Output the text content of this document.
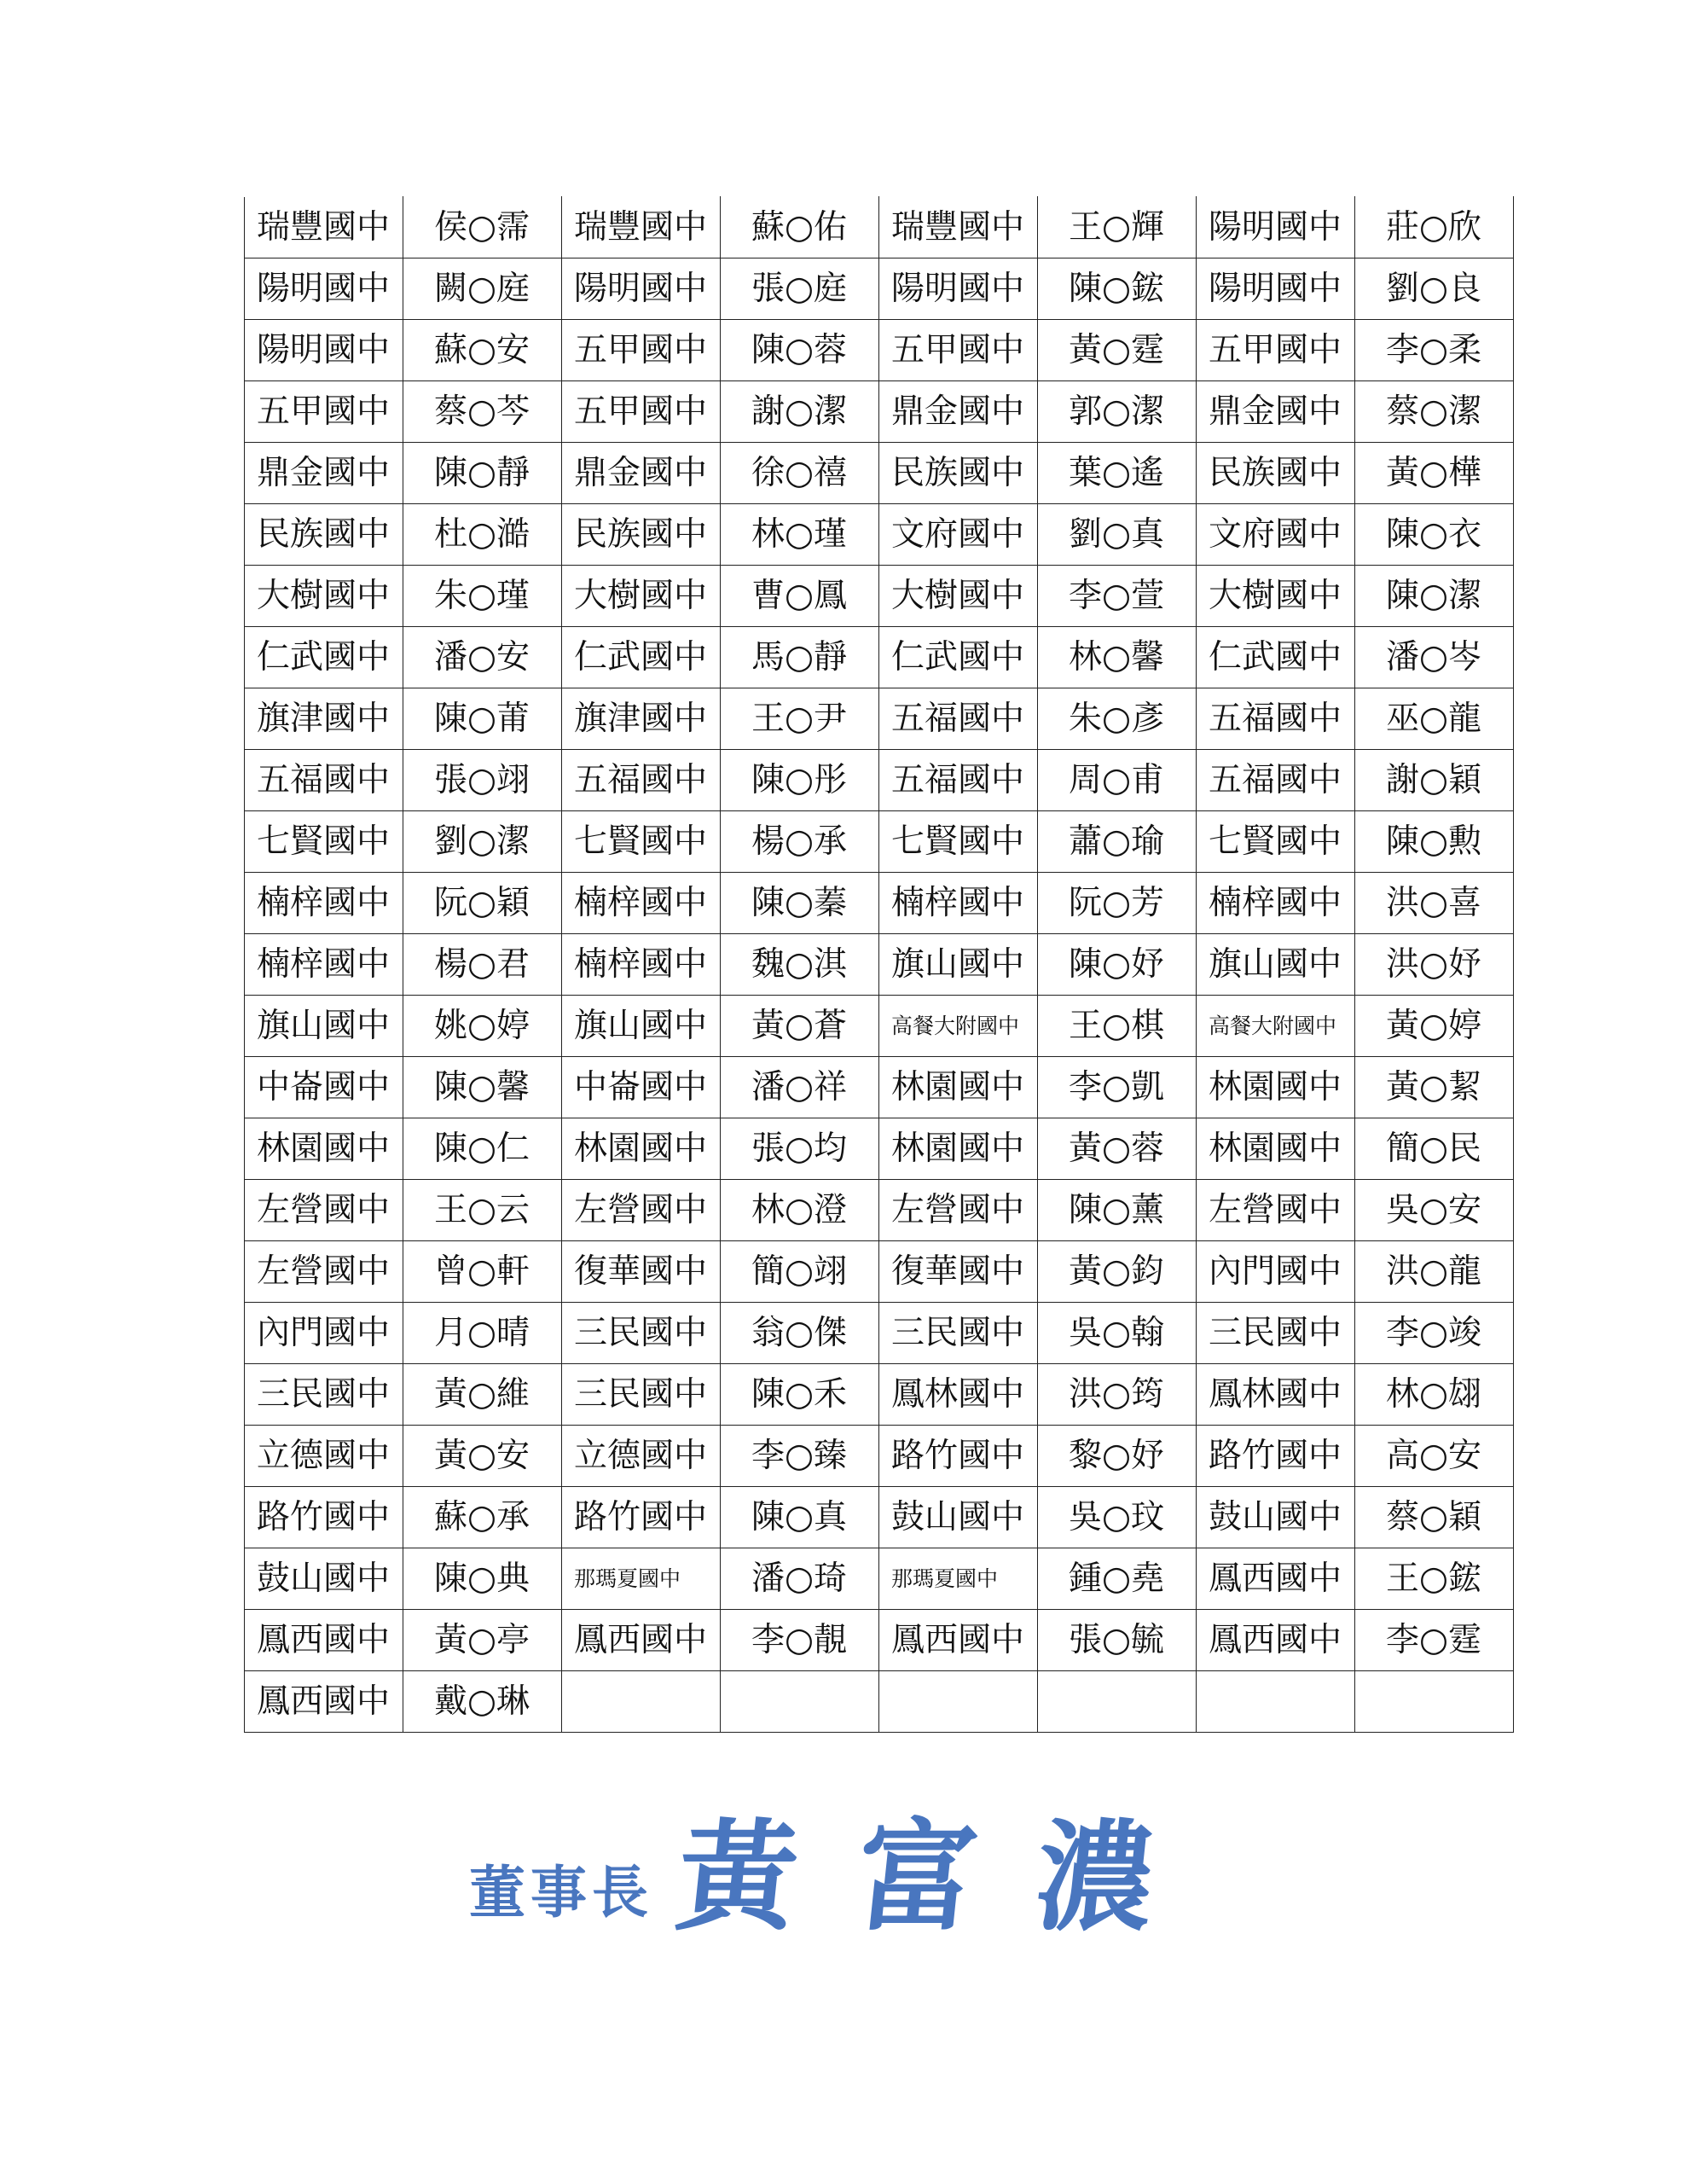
瑞豐國中	侯○霈	瑞豐國中	蘇○佑	瑞豐國中	王○輝	陽明國中	莊○欣
陽明國中	闕○庭	陽明國中	張○庭	陽明國中	陳○鋐	陽明國中	劉○良
陽明國中	蘇○安	五甲國中	陳○蓉	五甲國中	黃○霆	五甲國中	李○柔
五甲國中	蔡○芩	五甲國中	謝○潔	鼎金國中	郭○潔	鼎金國中	蔡○潔
鼎金國中	陳○靜	鼎金國中	徐○禧	民族國中	葉○遙	民族國中	黃○樺
民族國中	杜○澔	民族國中	林○瑾	文府國中	劉○真	文府國中	陳○衣
大樹國中	朱○瑾	大樹國中	曹○鳳	大樹國中	李○萱	大樹國中	陳○潔
仁武國中	潘○安	仁武國中	馬○靜	仁武國中	林○馨	仁武國中	潘○岑
旗津國中	陳○莆	旗津國中	王○尹	五福國中	朱○彥	五福國中	巫○龍
五福國中	張○翊	五福國中	陳○彤	五福國中	周○甫	五福國中	謝○穎
七賢國中	劉○潔	七賢國中	楊○承	七賢國中	蕭○瑜	七賢國中	陳○勲
楠梓國中	阮○穎	楠梓國中	陳○蓁	楠梓國中	阮○芳	楠梓國中	洪○喜
楠梓國中	楊○君	楠梓國中	魏○淇	旗山國中	陳○妤	旗山國中	洪○妤
旗山國中	姚○婷	旗山國中	黃○蒼	高餐大附國中	王○棋	高餐大附國中	黃○婷
中崙國中	陳○馨	中崙國中	潘○祥	林園國中	李○凱	林園國中	黃○絜
林園國中	陳○仁	林園國中	張○均	林園國中	黃○蓉	林園國中	簡○民
左營國中	王○云	左營國中	林○澄	左營國中	陳○薰	左營國中	吳○安
左營國中	曾○軒	復華國中	簡○翊	復華國中	黃○鈞	內門國中	洪○龍
內門國中	月○晴	三民國中	翁○傑	三民國中	吳○翰	三民國中	李○竣
三民國中	黃○維	三民國中	陳○禾	鳳林國中	洪○筠	鳳林國中	林○翃
立德國中	黃○安	立德國中	李○臻	路竹國中	黎○妤	路竹國中	高○安
路竹國中	蘇○承	路竹國中	陳○真	鼓山國中	吳○玟	鼓山國中	蔡○穎
鼓山國中	陳○典	那瑪夏國中	潘○琦	那瑪夏國中	鍾○堯	鳳西國中	王○鋐
鳳西國中	黃○亭	鳳西國中	李○靚	鳳西國中	張○毓	鳳西國中	李○霆
鳳西國中	戴○琳						
董事長 黃富濃
